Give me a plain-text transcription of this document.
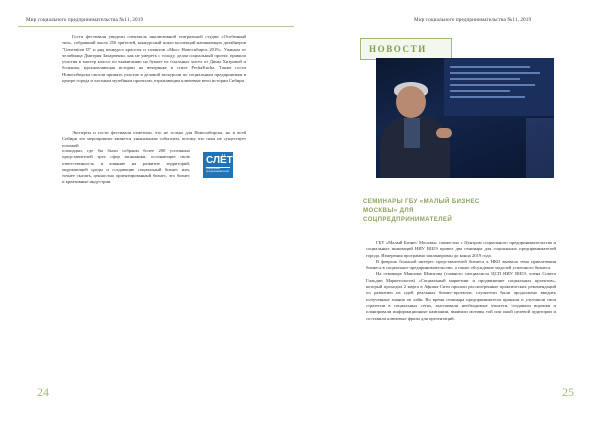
Мир социального предпринимательства №11, 2019

Гости фестиваля увидели спектакль инклюзивной театральной студии «Особенный тип», собравший около 250 зрителей, конкурсный показ коллекций начинающих дизайнеров "Generation D" и ряд конкурса красоты и талантов «Мисс Новосибирск 2019». Ужином от челябинца Дмитрия Захарченко, как не умереть с голоду, делая социальный проект, правило участия в мастер классе по выжиганию на бумаге из ссыльных чисел от Дины Хитровой и большая, вдохновляющая истории на вечеринке в стиле PechaKucha. Также гости Новосибирска смогли принять участие в деловой экскурсии по социальным предприятиям в центре города и частным музейным проектам, отражающим ключевые вехи истории Сибири.

Эксперты и гости фестиваля отметили, что не только для Новосибирска, но и всей Сибири это мероприятие является уникальным событием, потому что пока не существует похожей

площадки, где бы были собраны более 200 успешных представителей трех сфер экономики, осознающие свою ответственность и влияние на развитие территорий, окружающей среды и создающие социальный бизнес или, точнее сказать, ценностно ориентированный бизнес, это бизнес и креативные индустрии.

СЛЁТ
социальных предпринимателей
24
Мир социального предпринимательства №11, 2019
НОВОСТИ
СЕМИНАРЫ ГБУ «МАЛЫЙ БИЗНЕС
МОСКВЫ» ДЛЯ
СОЦПРЕДПРИНИМАТЕЛЕЙ

ГБУ «Малый Бизнес Москвы» совместно с Центром социального предпринимательства и социальных инноваций НИУ ВШЭ провел два семинара для социальных предпринимателей города. Измерения программа запланирован до конца 2019 года.

В февраль большой интерес представителей бизнеса к НКО вызвала тема привлечения бизнеса в социальное предпринимательство, а также обсуждение моделей успешного бизнеса.

На семинаре Максима Шмитова (главного специалиста ЦСП НИУ ВШЭ, члена Совета Гильдии Маркетологов) «Социальный маркетинг и продвижение социальных проектов», который проходил 2 марта в Афиша-Сити прошли рассмотренные практических рекомендаций по развитию их идей реальных бизнес-проектов, слушатели были продолжено вводить полученные знания on лайн. Во время семинара предприниматели приняли и улучшили свои стратегии в социальных сетях, выстаивали необходимые хэштеги, создавали воронки и планировали информационные кампании, выявили мотивы той или иной целевой аудитории и составили ключевые фразы для презентаций.

25
